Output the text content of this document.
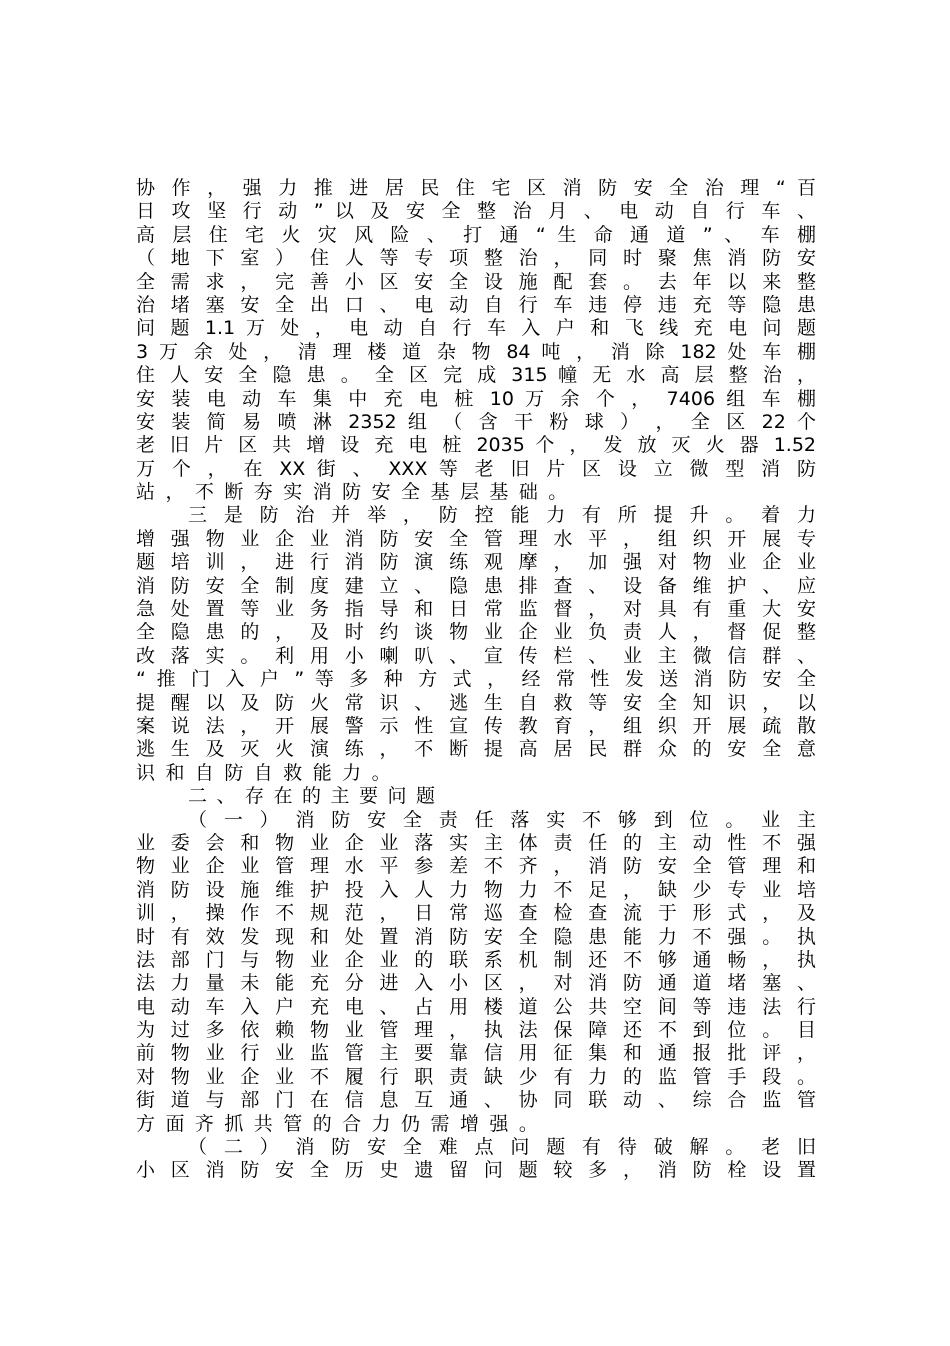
协 作 ， 强 力 推 进 居 民 住 宅 区 消 防 安 全 治 理 “ 百
日 攻 坚 行 动 ” 以 及 安 全 整 治 月 、 电 动 自 行 车 、
高 层 住 宅 火 灾 风 险 、 打 通 “ 生 命 通 道 ” 、 车 棚
（ 地 下 室 ） 住 人 等 专 项 整 治 ， 同 时 聚 焦 消 防 安
全 需 求 ， 完 善 小 区 安 全 设 施 配 套 。 去 年 以 来 整
治 堵 塞 安 全 出 口 、 电 动 自 行 车 违 停 违 充 等 隐 患
问 题 1.1 万 处 ， 电 动 自 行 车 入 户 和 飞 线 充 电 问 题
3 万 余 处 ， 清 理 楼 道 杂 物 84 吨 ， 消 除 182 处 车 棚
住 人 安 全 隐 患 。 全 区 完 成 315 幢 无 水 高 层 整 治 ，
安 装 电 动 车 集 中 充 电 桩 10 万 余 个 ， 7406 组 车 棚
安 装 简 易 喷 淋 2352 组 （ 含 干 粉 球 ） ， 全 区 22 个
老 旧 片 区 共 增 设 充 电 桩 2035 个 ， 发 放 灭 火 器 1.52
万 个 ， 在 XX 街 、 XXX 等 老 旧 片 区 设 立 微 型 消 防
站，不断夯实消防安全基层基础。
三 是 防 治 并 举 ， 防 控 能 力 有 所 提 升 。 着 力
增 强 物 业 企 业 消 防 安 全 管 理 水 平 ， 组 织 开 展 专
题 培 训 ， 进 行 消 防 演 练 观 摩 ， 加 强 对 物 业 企 业
消 防 安 全 制 度 建 立 、 隐 患 排 查 、 设 备 维 护 、 应
急 处 置 等 业 务 指 导 和 日 常 监 督 ， 对 具 有 重 大 安
全 隐 患 的 ， 及 时 约 谈 物 业 企 业 负 责 人 ， 督 促 整
改 落 实 。 利 用 小 喇 叭 、 宣 传 栏 、 业 主 微 信 群 、
“ 推 门 入 户 ” 等 多 种 方 式 ， 经 常 性 发 送 消 防 安 全
提 醒 以 及 防 火 常 识 、 逃 生 自 救 等 安 全 知 识 ， 以
案 说 法 ， 开 展 警 示 性 宣 传 教 育 ， 组 织 开 展 疏 散
逃 生 及 灭 火 演 练 ， 不 断 提 高 居 民 群 众 的 安 全 意
识和自防自救能力。
二、存在的主要问题
（ 一 ） 消 防 安 全 责 任 落 实 不 够 到 位 。 业 主
业 委 会 和 物 业 企 业 落 实 主 体 责 任 的 主 动 性 不 强
物 业 企 业 管 理 水 平 参 差 不 齐 ， 消 防 安 全 管 理 和
消 防 设 施 维 护 投 入 人 力 物 力 不 足 ， 缺 少 专 业 培
训 ， 操 作 不 规 范 ， 日 常 巡 查 检 查 流 于 形 式 ， 及
时 有 效 发 现 和 处 置 消 防 安 全 隐 患 能 力 不 强 。 执
法 部 门 与 物 业 企 业 的 联 系 机 制 还 不 够 通 畅 ， 执
法 力 量 未 能 充 分 进 入 小 区 ， 对 消 防 通 道 堵 塞 、
电 动 车 入 户 充 电 、 占 用 楼 道 公 共 空 间 等 违 法 行
为 过 多 依 赖 物 业 管 理 ， 执 法 保 障 还 不 到 位 。 目
前 物 业 行 业 监 管 主 要 靠 信 用 征 集 和 通 报 批 评 ，
对 物 业 企 业 不 履 行 职 责 缺 少 有 力 的 监 管 手 段 。
街 道 与 部 门 在 信 息 互 通 、 协 同 联 动 、 综 合 监 管
方面齐抓共管的合力仍需增强。
（ 二 ） 消 防 安 全 难 点 问 题 有 待 破 解 。 老 旧
小 区 消 防 安 全 历 史 遗 留 问 题 较 多 ， 消 防 栓 设 置
